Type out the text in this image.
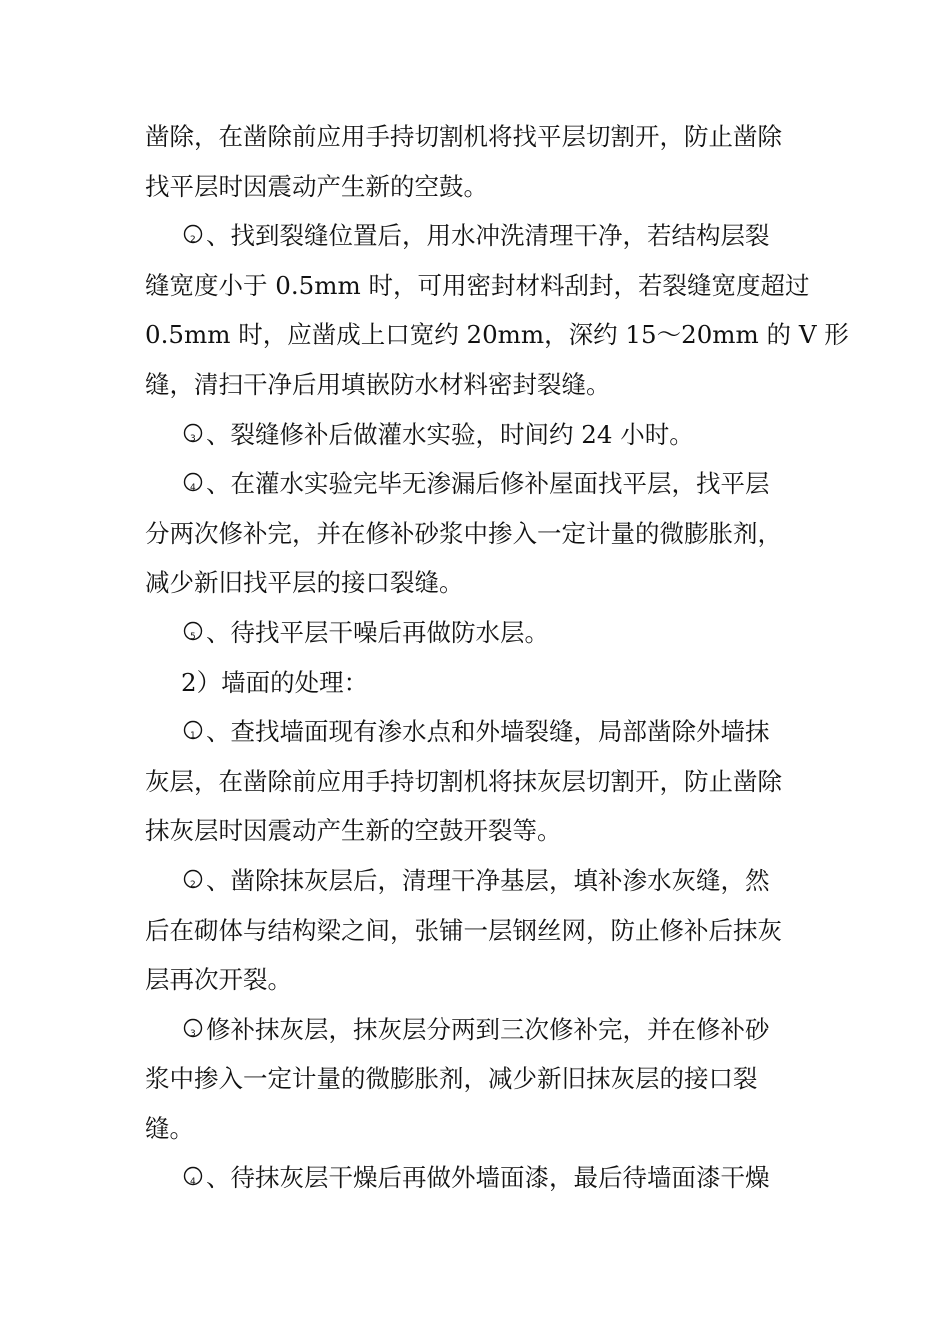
凿除，在凿除前应用手持切割机将找平层切割开，防止凿除
找平层时因震动产生新的空鼓。
2 、找到裂缝位置后，用水冲洗清理干净，若结构层裂
缝宽度小于 0.5mm 时，可用密封材料刮封，若裂缝宽度超过
0.5mm 时，应凿成上口宽约 20mm，深约 15～20mm 的 V 形
缝，清扫干净后用填嵌防水材料密封裂缝。
3 、裂缝修补后做灌水实验，时间约 24 小时。
4 、在灌水实验完毕无渗漏后修补屋面找平层，找平层
分两次修补完，并在修补砂浆中掺入一定计量的微膨胀剂，
减少新旧找平层的接口裂缝。
5 、待找平层干噪后再做防水层。
2）墙面的处理：
1 、查找墙面现有渗水点和外墙裂缝，局部凿除外墙抹
灰层，在凿除前应用手持切割机将抹灰层切割开，防止凿除
抹灰层时因震动产生新的空鼓开裂等。
2 、凿除抹灰层后，清理干净基层，填补渗水灰缝，然
后在砌体与结构梁之间，张铺一层钢丝网，防止修补后抹灰
层再次开裂。
3 修补抹灰层，抹灰层分两到三次修补完，并在修补砂
浆中掺入一定计量的微膨胀剂，减少新旧抹灰层的接口裂
缝。
4 、待抹灰层干燥后再做外墙面漆，最后待墙面漆干燥
